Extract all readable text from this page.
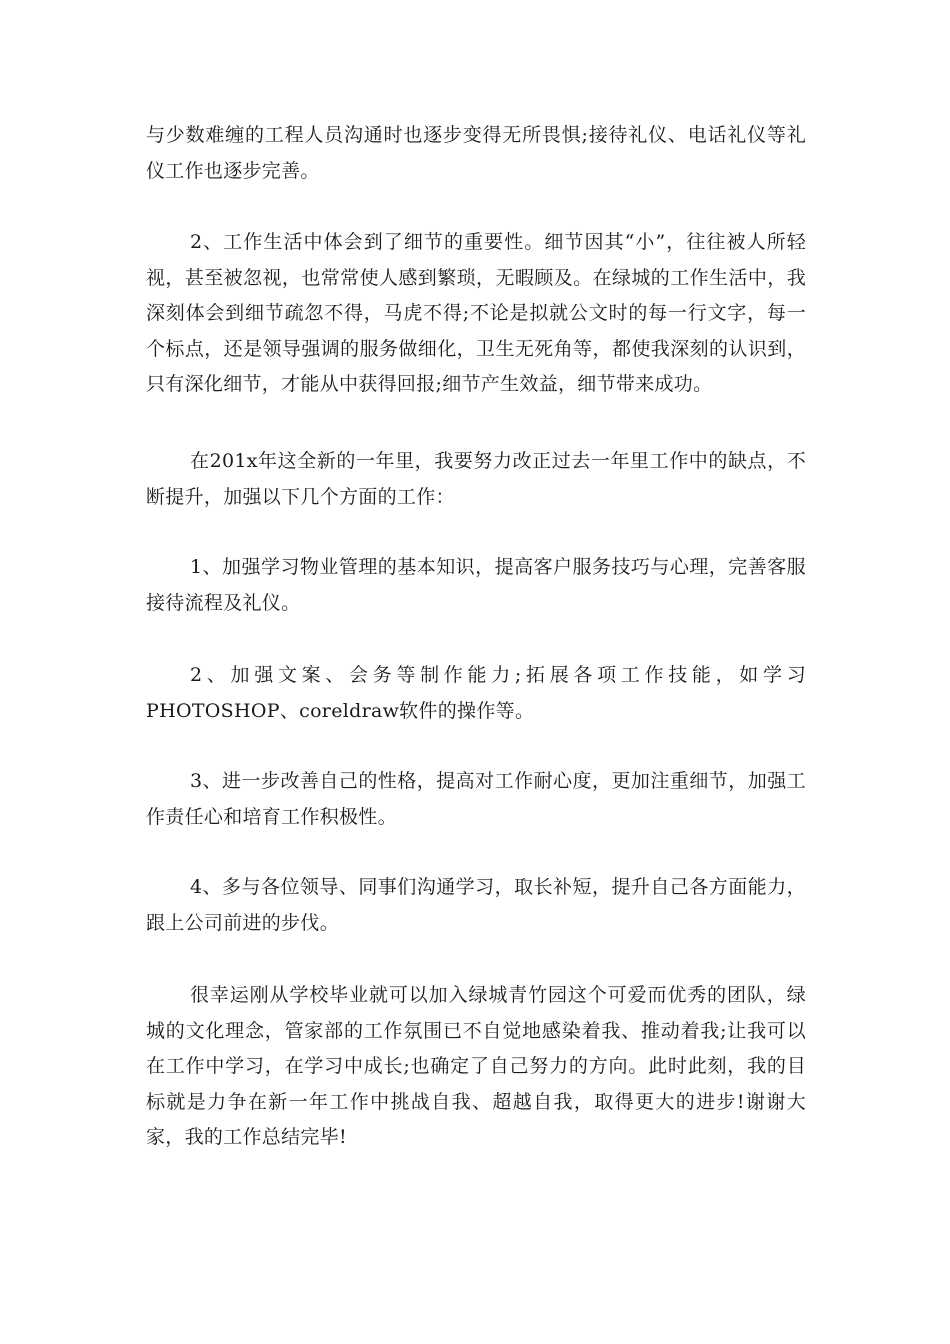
与少数难缠的工程人员沟通时也逐步变得无所畏惧;接待礼仪、电话礼仪等礼仪工作也逐步完善。

2、工作生活中体会到了细节的重要性。细节因其“小”，往往被人所轻视，甚至被忽视，也常常使人感到繁琐，无暇顾及。在绿城的工作生活中，我深刻体会到细节疏忽不得，马虎不得;不论是拟就公文时的每一行文字，每一个标点，还是领导强调的服务做细化，卫生无死角等，都使我深刻的认识到，只有深化细节，才能从中获得回报;细节产生效益，细节带来成功。

在201x年这全新的一年里，我要努力改正过去一年里工作中的缺点，不断提升，加强以下几个方面的工作：

1、加强学习物业管理的基本知识，提高客户服务技巧与心理，完善客服接待流程及礼仪。

2、加强文案、会务等制作能力;拓展各项工作技能，如学习PHOTOSHOP、coreldraw软件的操作等。

3、进一步改善自己的性格，提高对工作耐心度，更加注重细节，加强工作责任心和培育工作积极性。

4、多与各位领导、同事们沟通学习，取长补短，提升自己各方面能力，跟上公司前进的步伐。

很幸运刚从学校毕业就可以加入绿城青竹园这个可爱而优秀的团队，绿城的文化理念，管家部的工作氛围已不自觉地感染着我、推动着我;让我可以在工作中学习，在学习中成长;也确定了自己努力的方向。此时此刻，我的目标就是力争在新一年工作中挑战自我、超越自我，取得更大的进步!谢谢大家，我的工作总结完毕!
